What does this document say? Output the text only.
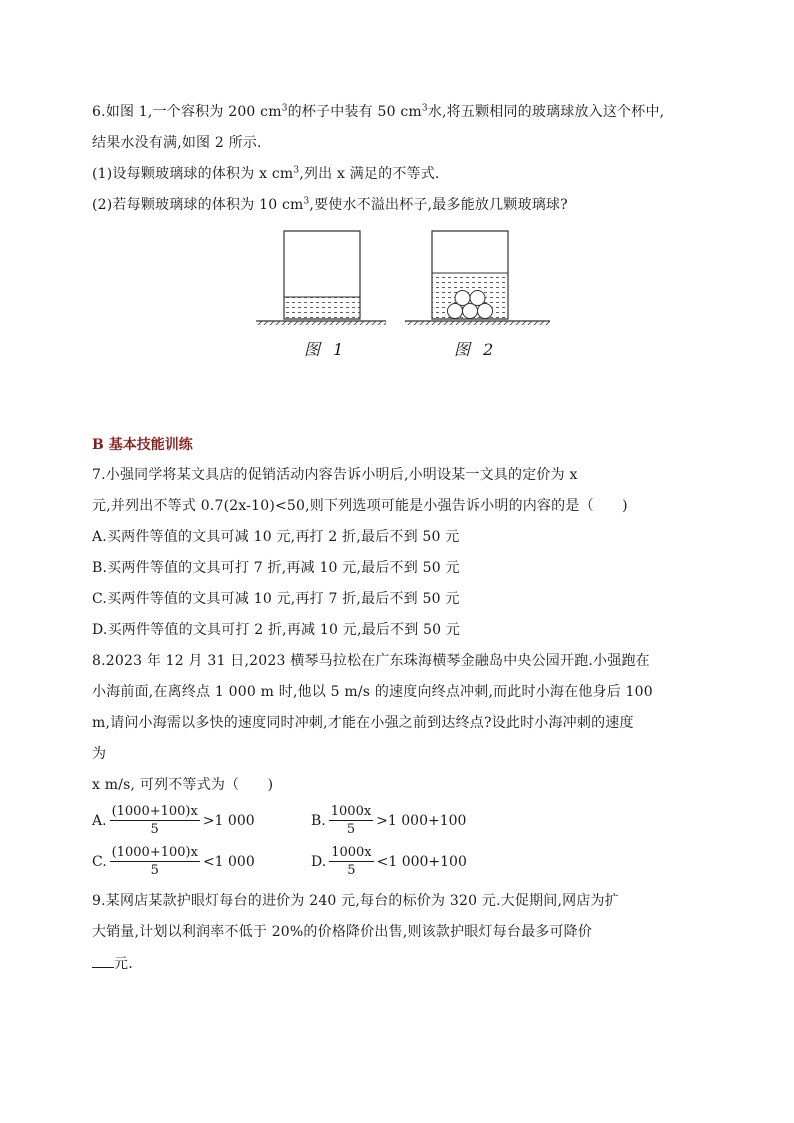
6.如图 1,一个容积为 200 $cm^3$的杯子中装有 50 $cm^3$水,将五颗相同的玻璃球放入这个杯中,
结果水没有满,如图 2 所示.
(1)设每颗玻璃球的体积为 x $cm^3$,列出 x 满足的不等式.
(2)若每颗玻璃球的体积为 10 $cm^3$,要使水不溢出杯子,最多能放几颗玻璃球?
图 1	图 2
B 基本技能训练
7.小强同学将某文具店的促销活动内容告诉小明后,小明设某一文具的定价为 x
元,并列出不等式 0.7(2x-10)<50,则下列选项可能是小强告诉小明的内容的是（　　)
A.买两件等值的文具可减 10 元,再打 2 折,最后不到 50 元
B.买两件等值的文具可打 7 折,再减 10 元,最后不到 50 元
C.买两件等值的文具可减 10 元,再打 7 折,最后不到 50 元
D.买两件等值的文具可打 2 折,再减 10 元,最后不到 50 元
8.2023 年 12 月 31 日,2023 横琴马拉松在广东珠海横琴金融岛中央公园开跑.小强跑在
小海前面,在离终点 1 000 m 时,他以 5 m/s 的速度向终点冲刺,而此时小海在他身后 100
m,请问小海需以多快的速度同时冲刺,才能在小强之前到达终点?设此时小海冲刺的速度
为
x m/s, 可列不等式为（　　)
A. $\frac{(1000+100)x}{5} >1$ 000	B. $\frac{1000x}{5} >1$ 000+100
C. $\frac{(1000+100)x}{5} <1$ 000	D. $\frac{1000x}{5} <1$ 000+100
9.某网店某款护眼灯每台的进价为 240 元,每台的标价为 320 元.大促期间,网店为扩
大销量,计划以利润率不低于 20%的价格降价出售,则该款护眼灯每台最多可降价
元.
